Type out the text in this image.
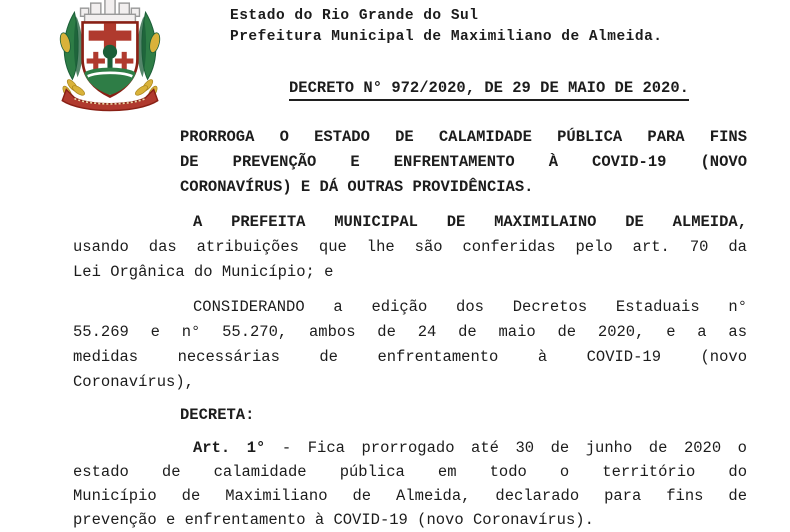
Estado do Rio Grande do Sul
Prefeitura Municipal de Maximiliano de Almeida.
DECRETO N° 972/2020, DE 29 DE MAIO DE 2020.
PRORROGA O ESTADO DE CALAMIDADE PÚBLICA PARA FINS
DE PREVENÇÃO E ENFRENTAMENTO À COVID-19 (NOVO
CORONAVÍRUS) E DÁ OUTRAS PROVIDÊNCIAS.
A PREFEITA MUNICIPAL DE MAXIMILAINO DE ALMEIDA,
usando das atribuições que lhe são conferidas pelo art. 70 da
Lei Orgânica do Município; e
CONSIDERANDO a edição dos Decretos Estaduais n°
55.269 e n° 55.270, ambos de 24 de maio de 2020, e a as
medidas necessárias de enfrentamento à COVID-19 (novo
Coronavírus),
DECRETA:
Art. 1° - Fica prorrogado até 30 de junho de 2020 o
estado de calamidade pública em todo o território do
Município de Maximiliano de Almeida, declarado para fins de
prevenção e enfrentamento à COVID-19 (novo Coronavírus).
